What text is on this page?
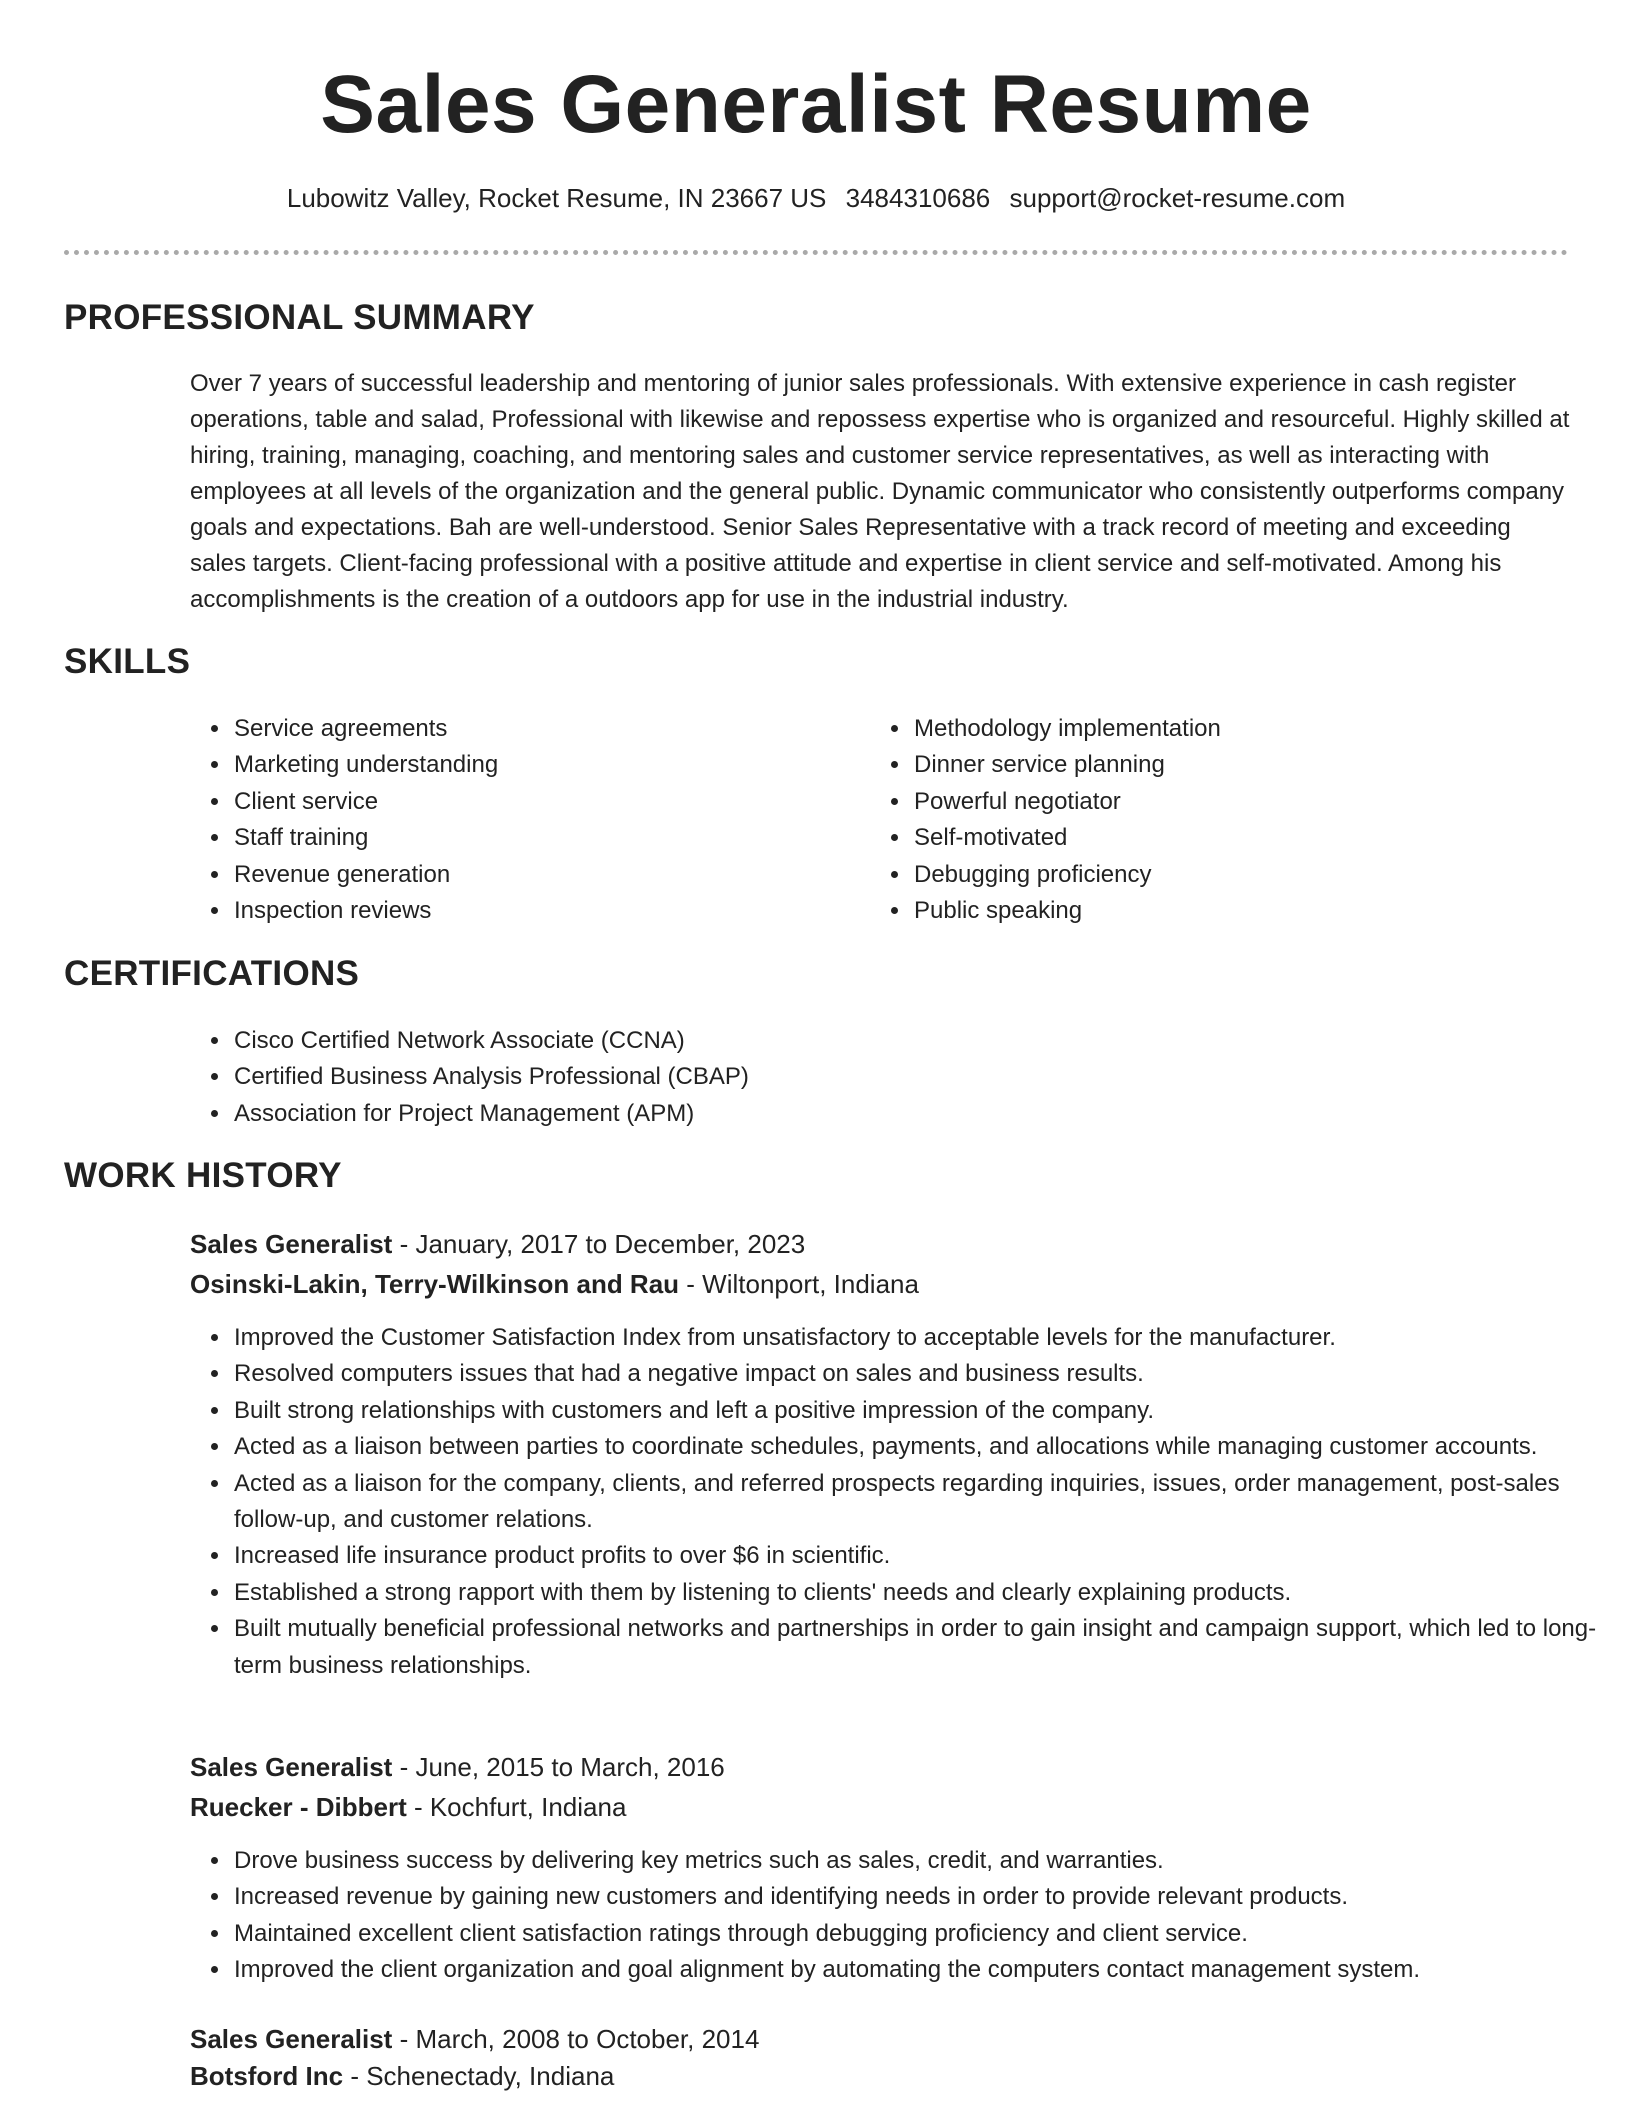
Sales Generalist Resume
Lubowitz Valley, Rocket Resume, IN 23667 US 3484310686 support@rocket-resume.com
PROFESSIONAL SUMMARY

Over 7 years of successful leadership and mentoring of junior sales professionals. With extensive experience in cash register operations, table and salad, Professional with likewise and repossess expertise who is organized and resourceful. Highly skilled at hiring, training, managing, coaching, and mentoring sales and customer service representatives, as well as interacting with employees at all levels of the organization and the general public. Dynamic communicator who consistently outperforms company goals and expectations. Bah are well-understood. Senior Sales Representative with a track record of meeting and exceeding sales targets. Client-facing professional with a positive attitude and expertise in client service and self-motivated. Among his accomplishments is the creation of a outdoors app for use in the industrial industry.

SKILLS
• Service agreements
• Marketing understanding
• Client service
• Staff training
• Revenue generation
• Inspection reviews
• Methodology implementation
• Dinner service planning
• Powerful negotiator
• Self-motivated
• Debugging proficiency
• Public speaking
CERTIFICATIONS
• Cisco Certified Network Associate (CCNA)
• Certified Business Analysis Professional (CBAP)
• Association for Project Management (APM)
WORK HISTORY
Sales Generalist - January, 2017 to December, 2023
Osinski-Lakin, Terry-Wilkinson and Rau - Wiltonport, Indiana
• Improved the Customer Satisfaction Index from unsatisfactory to acceptable levels for the manufacturer.
• Resolved computers issues that had a negative impact on sales and business results.
• Built strong relationships with customers and left a positive impression of the company.
• Acted as a liaison between parties to coordinate schedules, payments, and allocations while managing customer accounts.
• Acted as a liaison for the company, clients, and referred prospects regarding inquiries, issues, order management, post-sales follow-up, and customer relations.
• Increased life insurance product profits to over $6 in scientific.
• Established a strong rapport with them by listening to clients' needs and clearly explaining products.
• Built mutually beneficial professional networks and partnerships in order to gain insight and campaign support, which led to long-term business relationships.
Sales Generalist - June, 2015 to March, 2016
Ruecker - Dibbert - Kochfurt, Indiana
• Drove business success by delivering key metrics such as sales, credit, and warranties.
• Increased revenue by gaining new customers and identifying needs in order to provide relevant products.
• Maintained excellent client satisfaction ratings through debugging proficiency and client service.
• Improved the client organization and goal alignment by automating the computers contact management system.
Sales Generalist - March, 2008 to October, 2014
Botsford Inc - Schenectady, Indiana
